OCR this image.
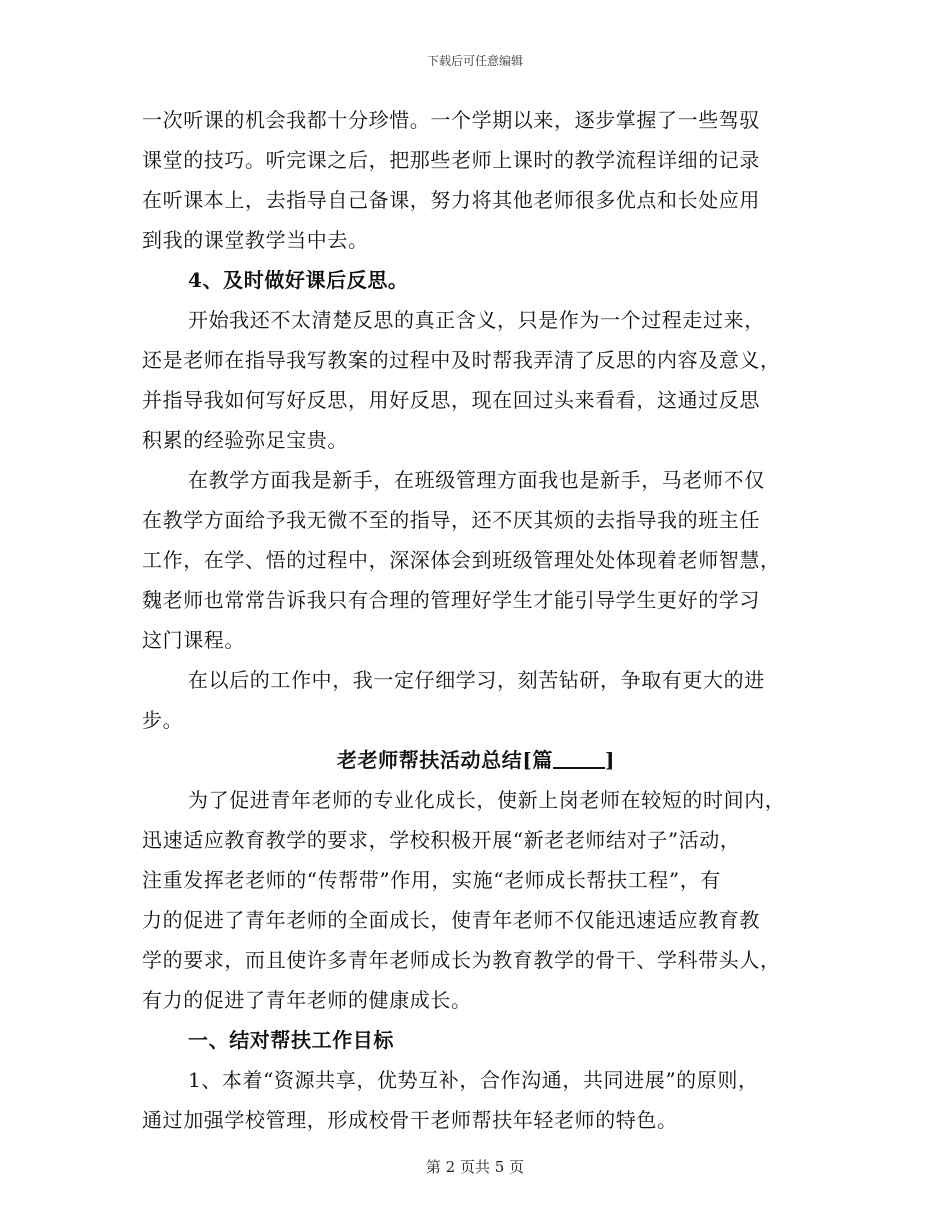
下载后可任意编辑
一次听课的机会我都十分珍惜。一个学期以来，逐步掌握了一些驾驭
课堂的技巧。听完课之后，把那些老师上课时的教学流程详细的记录
在听课本上，去指导自己备课，努力将其他老师很多优点和长处应用
到我的课堂教学当中去。
4、及时做好课后反思。
开始我还不太清楚反思的真正含义，只是作为一个过程走过来，
还是老师在指导我写教案的过程中及时帮我弄清了反思的内容及意义，
并指导我如何写好反思，用好反思，现在回过头来看看，这通过反思
积累的经验弥足宝贵。
在教学方面我是新手，在班级管理方面我也是新手，马老师不仅
在教学方面给予我无微不至的指导，还不厌其烦的去指导我的班主任
工作，在学、悟的过程中，深深体会到班级管理处处体现着老师智慧，
魏老师也常常告诉我只有合理的管理好学生才能引导学生更好的学习
这门课程。
在以后的工作中，我一定仔细学习，刻苦钻研，争取有更大的进
步。
老老师帮扶活动总结[篇	]
为了促进青年老师的专业化成长，使新上岗老师在较短的时间内，
迅速适应教育教学的要求，学校积极开展“新老老师结对子”活动，
注重发挥老老师的“传帮带”作用，实施“老师成长帮扶工程”，有
力的促进了青年老师的全面成长，使青年老师不仅能迅速适应教育教
学的要求，而且使许多青年老师成长为教育教学的骨干、学科带头人，
有力的促进了青年老师的健康成长。
一、结对帮扶工作目标
1、本着“资源共享，优势互补，合作沟通，共同进展”的原则，
通过加强学校管理，形成校骨干老师帮扶年轻老师的特色。
第 2 页共 5 页
